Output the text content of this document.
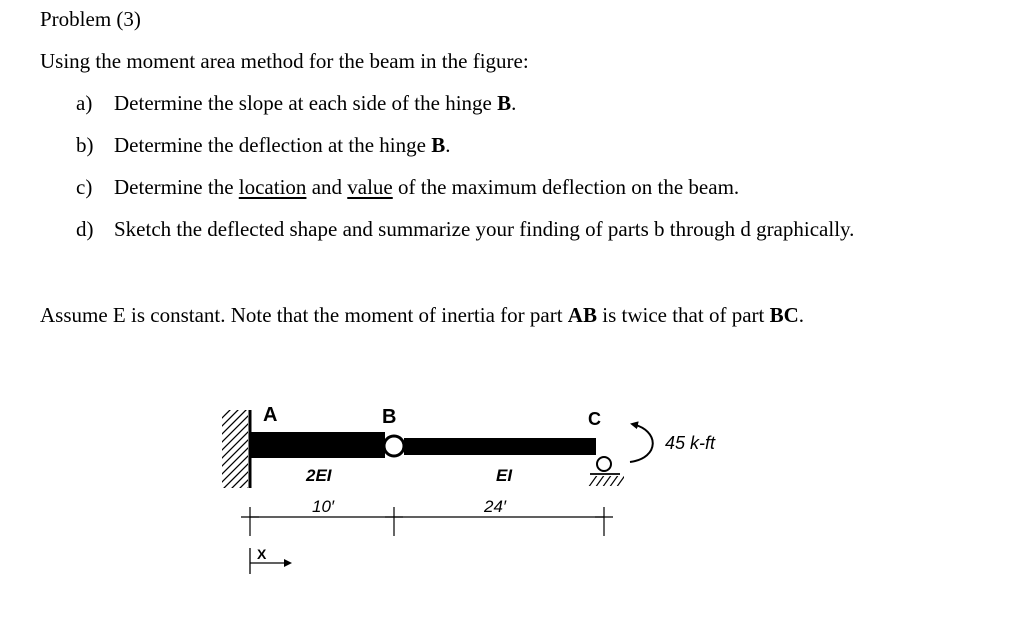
Problem (3)
Using the moment area method for the beam in the figure:
a) Determine the slope at each side of the hinge B.
b) Determine the deflection at the hinge B.
c) Determine the location and value of the maximum deflection on the beam.
d) Sketch the deflected shape and summarize your finding of parts b through d graphically.
Assume E is constant. Note that the moment of inertia for part AB is twice that of part BC.
A	B	C
45 k-ft
2EI	EI
10′	24′
X
